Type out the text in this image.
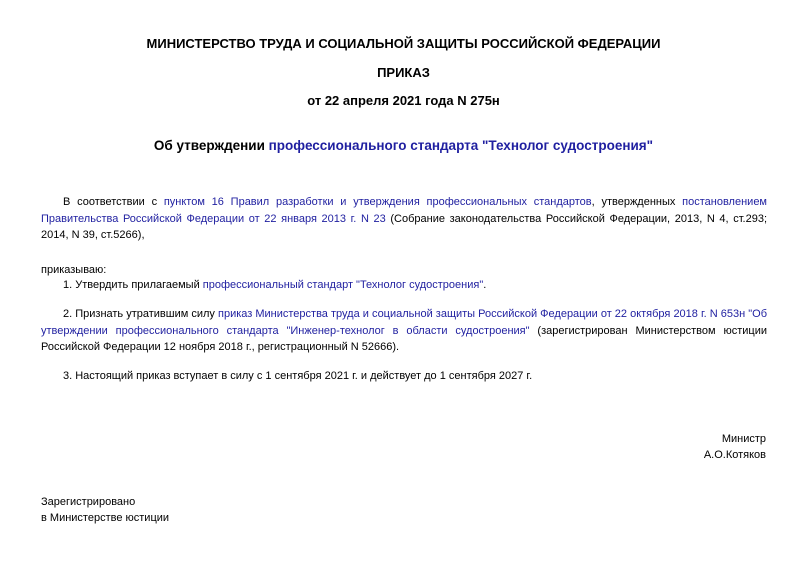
МИНИСТЕРСТВО ТРУДА И СОЦИАЛЬНОЙ ЗАЩИТЫ РОССИЙСКОЙ ФЕДЕРАЦИИ
ПРИКАЗ
от 22 апреля 2021 года N 275н
Об утверждении профессионального стандарта "Технолог судостроения"
В соответствии с пунктом 16 Правил разработки и утверждения профессиональных стандартов, утвержденных постановлением Правительства Российской Федерации от 22 января 2013 г. N 23 (Собрание законодательства Российской Федерации, 2013, N 4, ст.293; 2014, N 39, ст.5266),
приказываю:
1. Утвердить прилагаемый профессиональный стандарт "Технолог судостроения".
2. Признать утратившим силу приказ Министерства труда и социальной защиты Российской Федерации от 22 октября 2018 г. N 653н "Об утверждении профессионального стандарта "Инженер-технолог в области судостроения" (зарегистрирован Министерством юстиции Российской Федерации 12 ноября 2018 г., регистрационный N 52666).
3. Настоящий приказ вступает в силу с 1 сентября 2021 г. и действует до 1 сентября 2027 г.
Министр
А.О.Котяков
Зарегистрировано
в Министерстве юстиции
